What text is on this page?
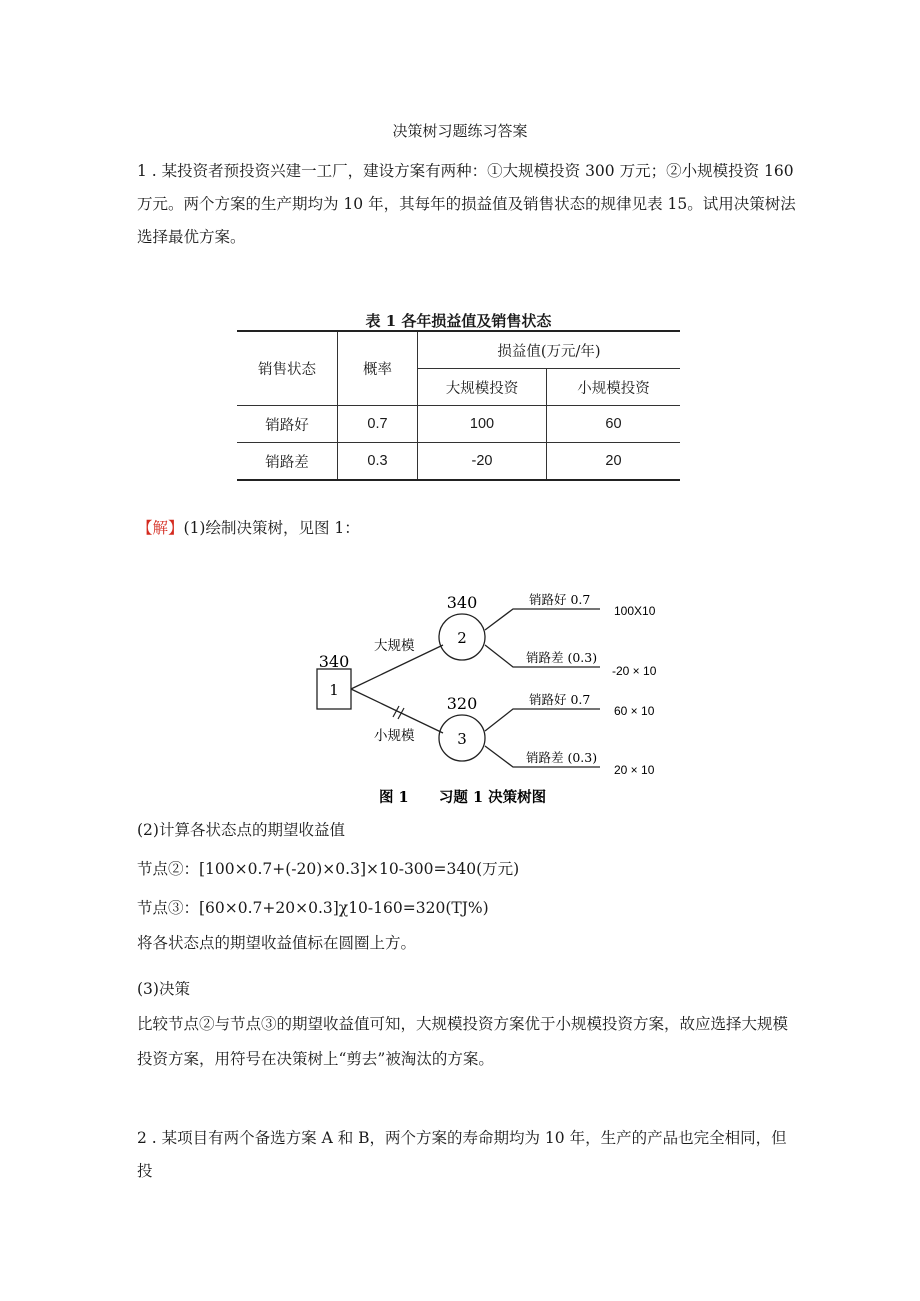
决策树习题练习答案
1 . 某投资者预投资兴建一工厂，建设方案有两种：①大规模投资 300 万元；②小规模投资 160
万元。两个方案的生产期均为 10 年，其每年的损益值及销售状态的规律见表 15。试用决策树法
选择最优方案。
表 1 各年损益值及销售状态
销售状态	概率	损益值(万元/年)	
		大规模投资	小规模投资
销路好	0.7	100	60
销路差	0.3	-20	20
【解】(1)绘制决策树，见图 1：
1
340
大规模
小规模
2
340
3
320
销路好 0.7
销路差 (0.3)
销路好 0.7
销路差 (0.3)
100X10
-20 × 10
60 × 10
20 × 10
图 1      习题 1 决策树图
(2)计算各状态点的期望收益值
节点②：[100×0.7+(-20)×0.3]×10-300=340(万元)
节点③：[60×0.7+20×0.3]χ10-160=320(TJ%)
将各状态点的期望收益值标在圆圈上方。
(3)决策
比较节点②与节点③的期望收益值可知，大规模投资方案优于小规模投资方案，故应选择大规模
投资方案，用符号在决策树上“剪去”被淘汰的方案。
2 . 某项目有两个备选方案 A 和 B，两个方案的寿命期均为 10 年，生产的产品也完全相同，但投
